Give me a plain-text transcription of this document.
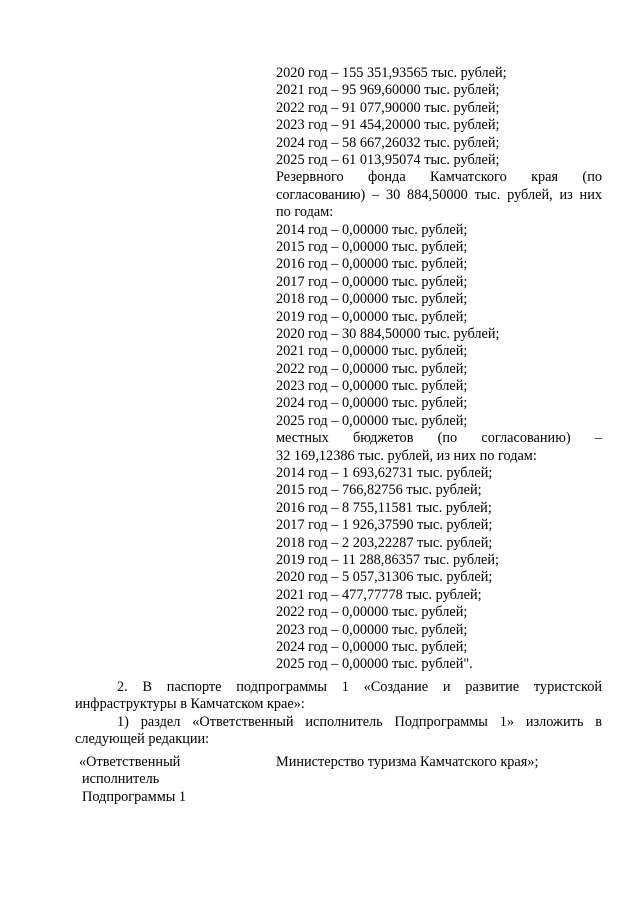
2020 год – 155 351,93565 тыс. рублей;
2021 год – 95 969,60000 тыс. рублей;
2022 год – 91 077,90000 тыс. рублей;
2023 год – 91 454,20000 тыс. рублей;
2024 год – 58 667,26032 тыс. рублей;
2025 год – 61 013,95074 тыс. рублей;
Резервного фонда Камчатского края (по
согласованию) – 30 884,50000 тыс. рублей, из них
по годам:
2014 год – 0,00000 тыс. рублей;
2015 год – 0,00000 тыс. рублей;
2016 год – 0,00000 тыс. рублей;
2017 год – 0,00000 тыс. рублей;
2018 год – 0,00000 тыс. рублей;
2019 год – 0,00000 тыс. рублей;
2020 год – 30 884,50000 тыс. рублей;
2021 год – 0,00000 тыс. рублей;
2022 год – 0,00000 тыс. рублей;
2023 год – 0,00000 тыс. рублей;
2024 год – 0,00000 тыс. рублей;
2025 год – 0,00000 тыс. рублей;
местных бюджетов (по согласованию) –
32 169,12386 тыс. рублей, из них по годам:
2014 год – 1 693,62731 тыс. рублей;
2015 год – 766,82756 тыс. рублей;
2016 год – 8 755,11581 тыс. рублей;
2017 год – 1 926,37590 тыс. рублей;
2018 год – 2 203,22287 тыс. рублей;
2019 год – 11 288,86357 тыс. рублей;
2020 год – 5 057,31306 тыс. рублей;
2021 год – 477,77778 тыс. рублей;
2022 год – 0,00000 тыс. рублей;
2023 год – 0,00000 тыс. рублей;
2024 год – 0,00000 тыс. рублей;
2025 год – 0,00000 тыс. рублей".
2. В паспорте подпрограммы 1 «Создание и развитие туристской
инфраструктуры в Камчатском крае»:
1) раздел «Ответственный исполнитель Подпрограммы 1» изложить в
следующей редакции:
«Ответственный
исполнитель
Подпрограммы 1
Министерство туризма Камчатского края»;
